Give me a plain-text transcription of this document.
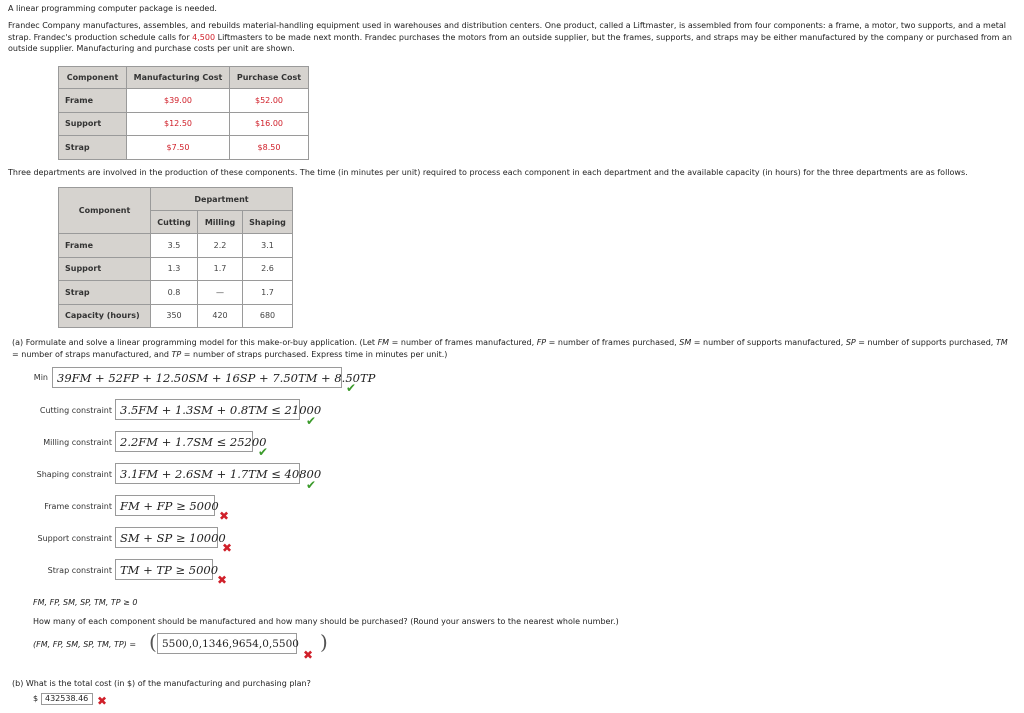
A linear programming computer package is needed.

Frandec Company manufactures, assembles, and rebuilds material-handling equipment used in warehouses and distribution centers. One product, called a Liftmaster, is assembled from four components: a frame, a motor, two supports, and a metal strap. Frandec's production schedule calls for 4,500 Liftmasters to be made next month. Frandec purchases the motors from an outside supplier, but the frames, supports, and straps may be either manufactured by the company or purchased from an outside supplier. Manufacturing and purchase costs per unit are shown.

Component	Manufacturing Cost	Purchase Cost
Frame	$39.00	$52.00
Support	$12.50	$16.00
Strap	$7.50	$8.50

Three departments are involved in the production of these components. The time (in minutes per unit) required to process each component in each department and the available capacity (in hours) for the three departments are as follows.

Component	Department		
	Cutting	Milling	Shaping
Frame	3.5	2.2	3.1
Support	1.3	1.7	2.6
Strap	0.8	—	1.7
Capacity (hours)	350	420	680

(a) Formulate and solve a linear programming model for this make-or-buy application. (Let FM = number of frames manufactured, FP = number of frames purchased, SM = number of supports manufactured, SP = number of supports purchased, TM = number of straps manufactured, and TP = number of straps purchased. Express time in minutes per unit.)

Min 39FM + 52FP + 12.50SM + 16SP + 7.50TM + 8.50TP
✔
Cutting constraint 3.5FM + 1.3SM + 0.8TM ≤ 21000
✔
Milling constraint 2.2FM + 1.7SM ≤ 25200
✔
Shaping constraint 3.1FM + 2.6SM + 1.7TM ≤ 40800
✔
Frame constraint FM + FP ≥ 5000
✖
Support constraint SM + SP ≥ 10000
✖
Strap constraint TM + TP ≥ 5000
✖
FM, FP, SM, SP, TM, TP ≥ 0
How many of each component should be manufactured and how many should be purchased? (Round your answers to the nearest whole number.)
(FM, FP, SM, SP, TM, TP) = ( 5500,0,1346,9654,0,5500
✖
)

(b) What is the total cost (in $) of the manufacturing and purchasing plan?

$ 432538.46 ✖
